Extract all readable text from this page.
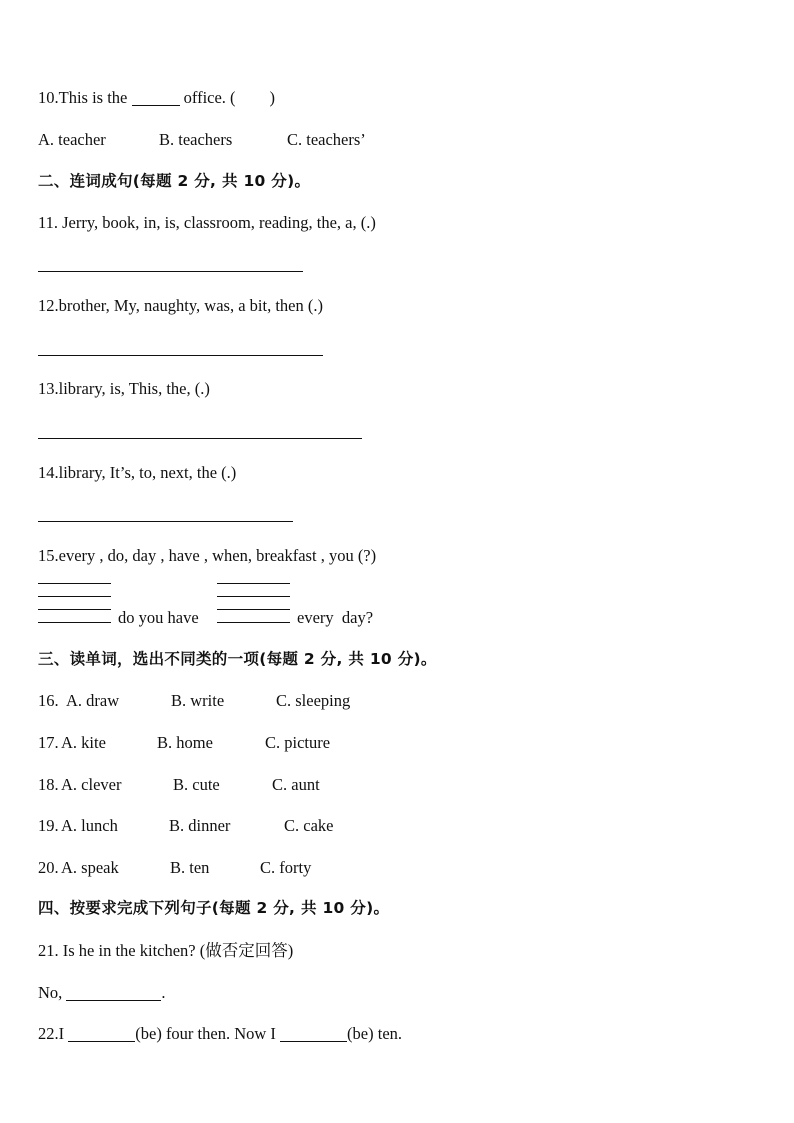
10.This is the	office. ( )
A. teacher	B. teachers	C. teachers’
二、连词成句(每题 2 分, 共 10 分)。
11. Jerry, book, in, is, classroom, reading, the, a, (.)
12.brother, My, naughty, was, a bit, then (.)
13.library, is, This, the, (.)
14.library, It’s, to, next, the (.)
15.every , do, day , have , when, breakfast , you (?)
do you have	every  day?
三、读单词，选出不同类的一项(每题 2 分, 共 10 分)。
16. A. draw	B. write	C. sleeping
17. A. kite	B. home	C. picture
18. A. clever	B. cute	C. aunt
19. A. lunch	B. dinner	C. cake
20. A. speak	B. ten	C. forty
四、按要求完成下列句子(每题 2 分, 共 10 分)。
21. Is he in the kitchen? (做否定回答)
No,	.
22.I	(be) four then. Now I	(be) ten.
